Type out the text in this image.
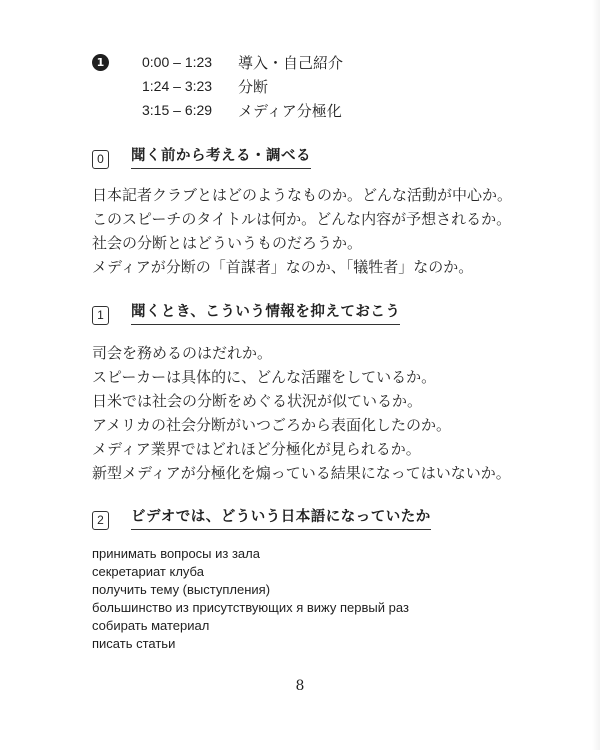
1	0:00 – 1:23	導入・自己紹介
1:24 – 3:23	分断
3:15 – 6:29	メディア分極化
0	聞く前から考える・調べる
日本記者クラブとはどのようなものか。どんな活動が中心か。
このスピーチのタイトルは何か。どんな内容が予想されるか。
社会の分断とはどういうものだろうか。
メディアが分断の「首謀者」なのか、「犠牲者」なのか。
1	聞くとき、こういう情報を抑えておこう
司会を務めるのはだれか。
スピーカーは具体的に、どんな活躍をしているか。
日米では社会の分断をめぐる状況が似ているか。
アメリカの社会分断がいつごろから表面化したのか。
メディア業界ではどれほど分極化が見られるか。
新型メディアが分極化を煽っている結果になってはいないか。
2	ビデオでは、どういう日本語になっていたか
принимать вопросы из зала
секретариат клуба
получить тему (выступления)
большинство из присутствующих я вижу первый раз
собирать материал
писать статьи
8
